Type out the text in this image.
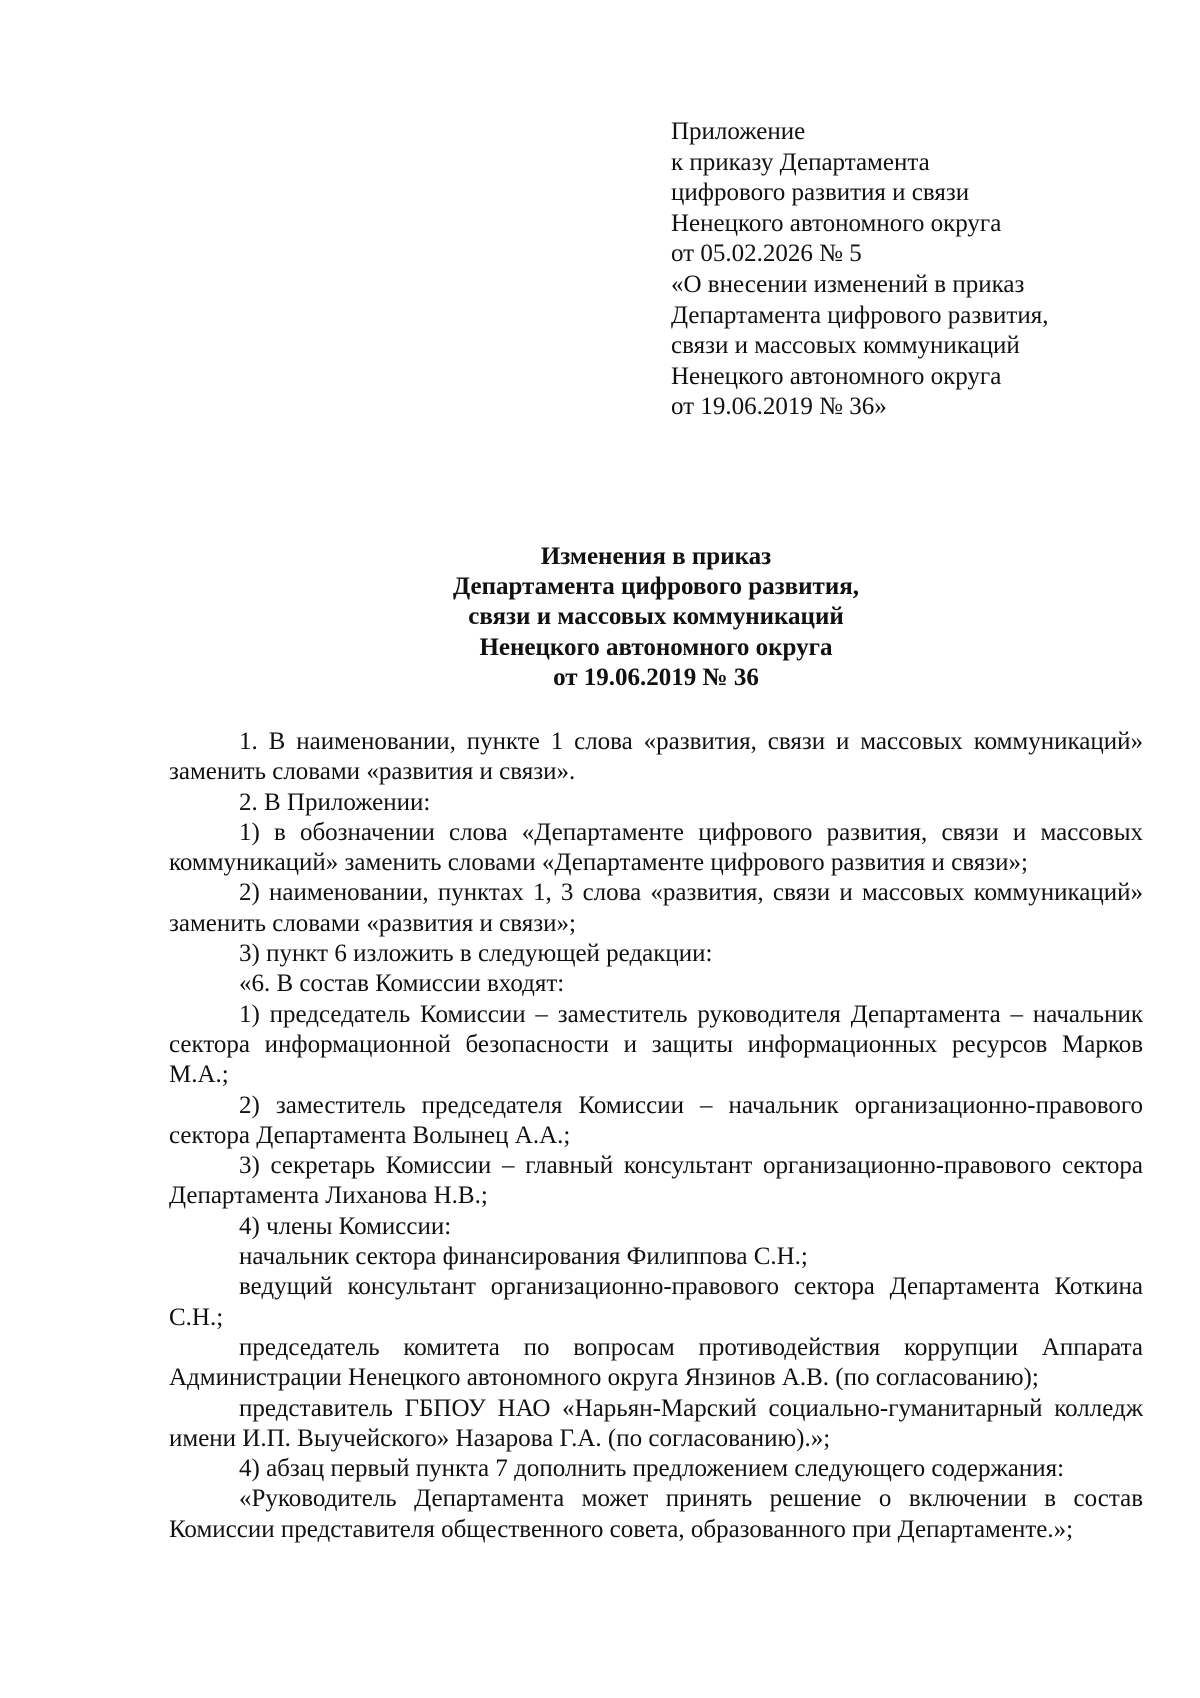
Приложение
к приказу Департамента
цифрового развития и связи
Ненецкого автономного округа
от 05.02.2026 № 5
«О внесении изменений в приказ
Департамента цифрового развития,
связи и массовых коммуникаций
Ненецкого автономного округа
от 19.06.2019 № 36»
Изменения в приказ
Департамента цифрового развития,
связи и массовых коммуникаций
Ненецкого автономного округа
от 19.06.2019 № 36

1. В наименовании, пункте 1 слова «развития, связи и массовых коммуникаций» заменить словами «развития и связи».

2. В Приложении:

1) в обозначении слова «Департаменте цифрового развития, связи и массовых коммуникаций» заменить словами «Департаменте цифрового развития и связи»;

2) наименовании, пунктах 1, 3 слова «развития, связи и массовых коммуникаций» заменить словами «развития и связи»;

3) пункт 6 изложить в следующей редакции:

«6. В состав Комиссии входят:

1) председатель Комиссии – заместитель руководителя Департамента – начальник сектора информационной безопасности и защиты информационных ресурсов Марков М.А.;

2) заместитель председателя Комиссии – начальник организационно-правового сектора Департамента Волынец А.А.;

3) секретарь Комиссии – главный консультант организационно-правового сектора Департамента Лиханова Н.В.;

4) члены Комиссии:

начальник сектора финансирования Филиппова С.Н.;

ведущий консультант организационно-правового сектора Департамента Коткина С.Н.;

председатель комитета по вопросам противодействия коррупции Аппарата Администрации Ненецкого автономного округа Янзинов А.В. (по согласованию);

представитель ГБПОУ НАО «Нарьян-Марский социально-гуманитарный колледж имени И.П. Выучейского» Назарова Г.А. (по согласованию).»;

4) абзац первый пункта 7 дополнить предложением следующего содержания:

«Руководитель Департамента может принять решение о включении в состав Комиссии представителя общественного совета, образованного при Департаменте.»;
